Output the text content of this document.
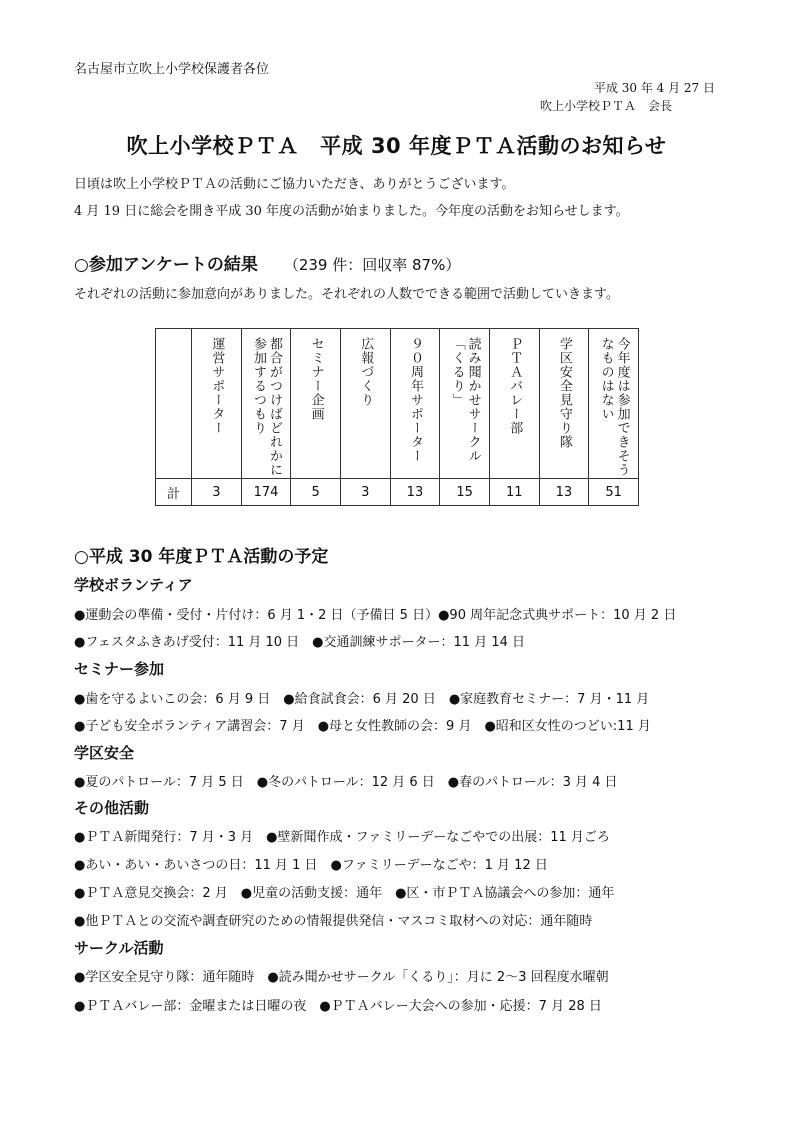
名古屋市立吹上小学校保護者各位
平成 30 年 4 月 27 日
吹上小学校ＰＴＡ　会長
吹上小学校ＰＴＡ　平成 30 年度ＰＴＡ活動のお知らせ
日頃は吹上小学校ＰＴＡの活動にご協力いただき、ありがとうございます。
4 月 19 日に総会を開き平成 30 年度の活動が始まりました。今年度の活動をお知らせします。
○参加アンケートの結果 （239 件：回収率 87%）
それぞれの活動に参加意向がありました。それぞれの人数でできる範囲で活動していきます。

	運営サポーター	都合がつけばどれかに参加するつもり	セミナー企画	広報づくり	９０周年サポーター	読み聞かせサークル「くるり」	ＰＴＡバレー部	学区安全見守り隊	今年度は参加できそうなものはない

計	3	174	5	3	13	15	11	13	51
○平成 30 年度ＰＴＡ活動の予定
学校ボランティア
●運動会の準備・受付・片付け：6 月 1・2 日（予備日 5 日）●90 周年記念式典サポート：10 月 2 日
●フェスタふきあげ受付：11 月 10 日　●交通訓練サポーター：11 月 14 日
セミナー参加
●歯を守るよいこの会：6 月 9 日　●給食試食会：6 月 20 日　●家庭教育セミナー：7 月・11 月
●子ども安全ボランティア講習会：7 月　●母と女性教師の会：9 月　●昭和区女性のつどい:11 月
学区安全
●夏のパトロール：7 月 5 日　●冬のパトロール：12 月 6 日　●春のパトロール：3 月 4 日
その他活動
●ＰＴＡ新聞発行：7 月・3 月　●壁新聞作成・ファミリーデーなごやでの出展：11 月ごろ
●あい・あい・あいさつの日：11 月 1 日　●ファミリーデーなごや：1 月 12 日
●ＰＴＡ意見交換会：2 月　●児童の活動支援：通年　●区・市ＰＴＡ協議会への参加：通年
●他ＰＴＡとの交流や調査研究のための情報提供発信・マスコミ取材への対応：通年随時
サークル活動
●学区安全見守り隊：通年随時　●読み聞かせサークル「くるり」：月に 2〜3 回程度水曜朝
●ＰＴＡバレー部：金曜または日曜の夜　●ＰＴＡバレー大会への参加・応援：7 月 28 日
